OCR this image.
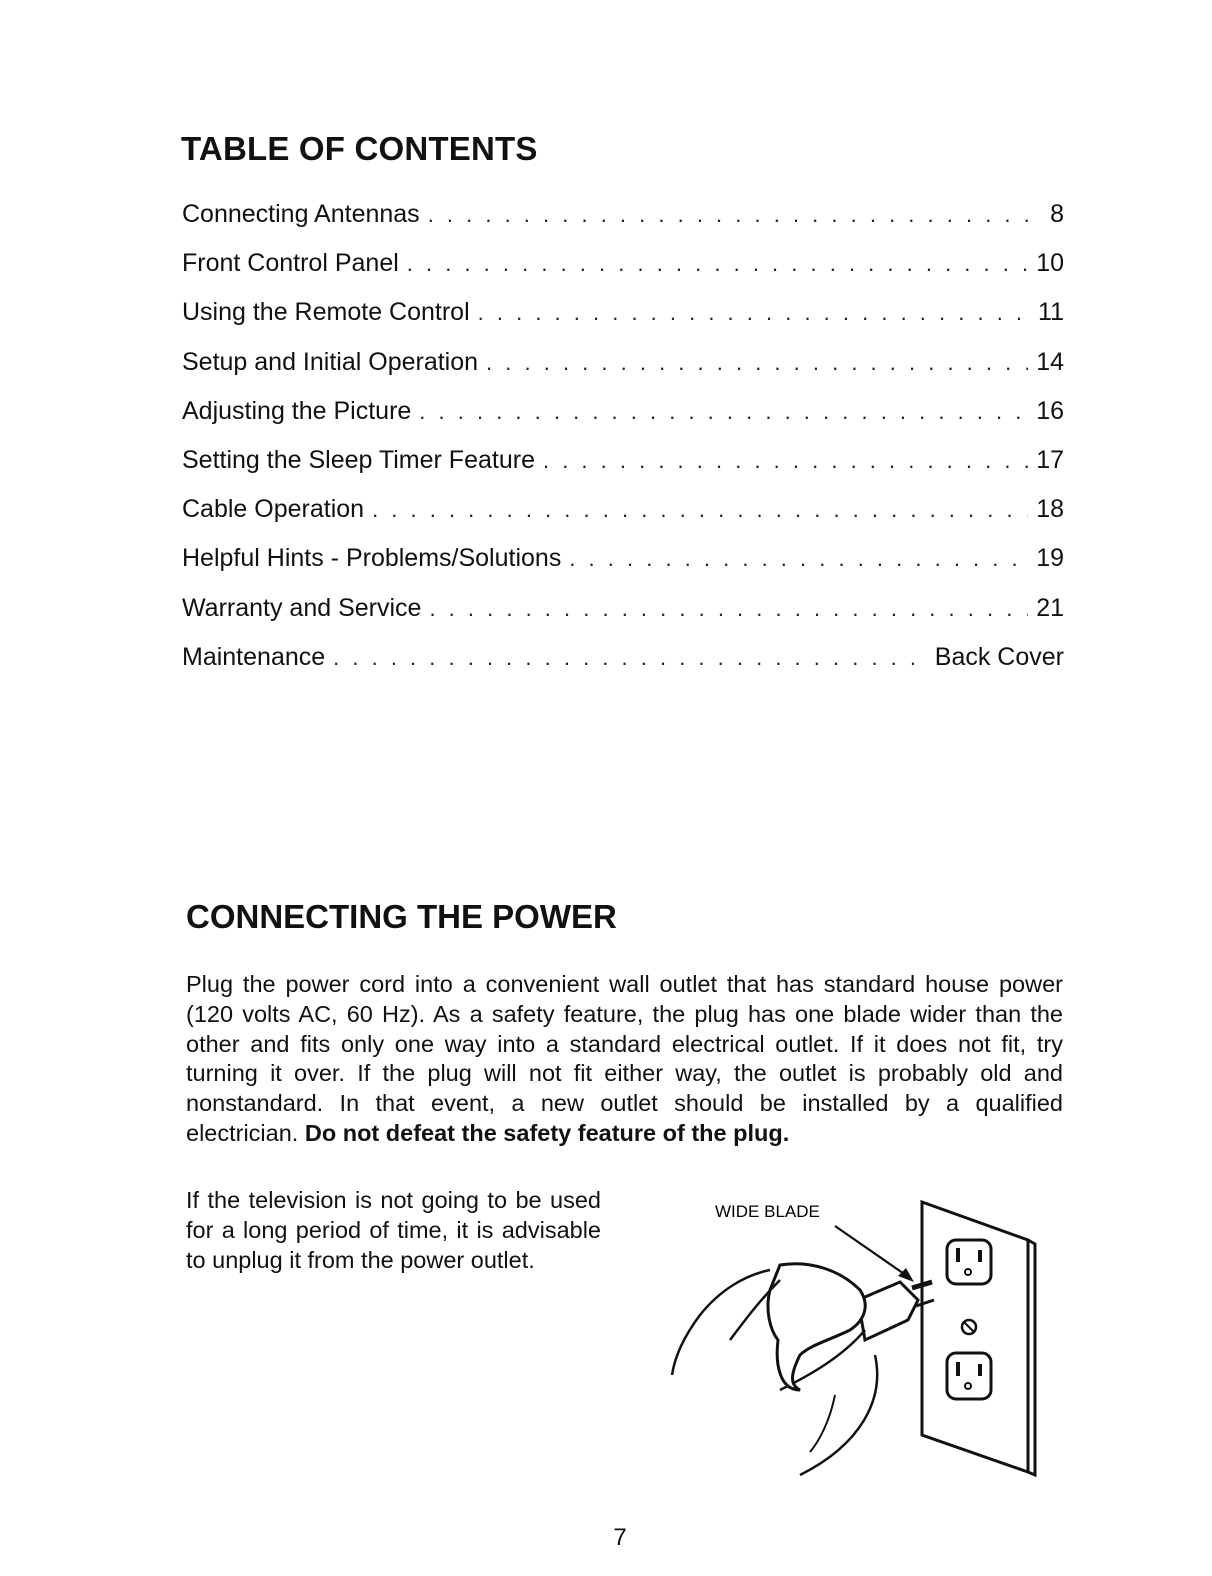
TABLE OF CONTENTS
Connecting Antennas . . .	8
Front Control Panel . . .	10
Using the Remote Control . . .	11
Setup and Initial Operation . . .	14
Adjusting the Picture . . .	16
Setting the Sleep Timer Feature . . .	17
Cable Operation . . .	18
Helpful Hints - Problems/Solutions . . .	19
Warranty and Service . . .	21
Maintenance . . .	Back Cover
CONNECTING THE POWER

Plug the power cord into a convenient wall outlet that has standard house power (120 volts AC, 60 Hz). As a safety feature, the plug has one blade wider than the other and fits only one way into a standard electrical outlet. If it does not fit, try turning it over. If the plug will not fit either way, the outlet is probably old and nonstandard. In that event, a new outlet should be installed by a qualified electrician. Do not defeat the safety feature of the plug.

If the television is not going to be used for a long period of time, it is advisable to unplug it from the power outlet.

WIDE BLADE
7
